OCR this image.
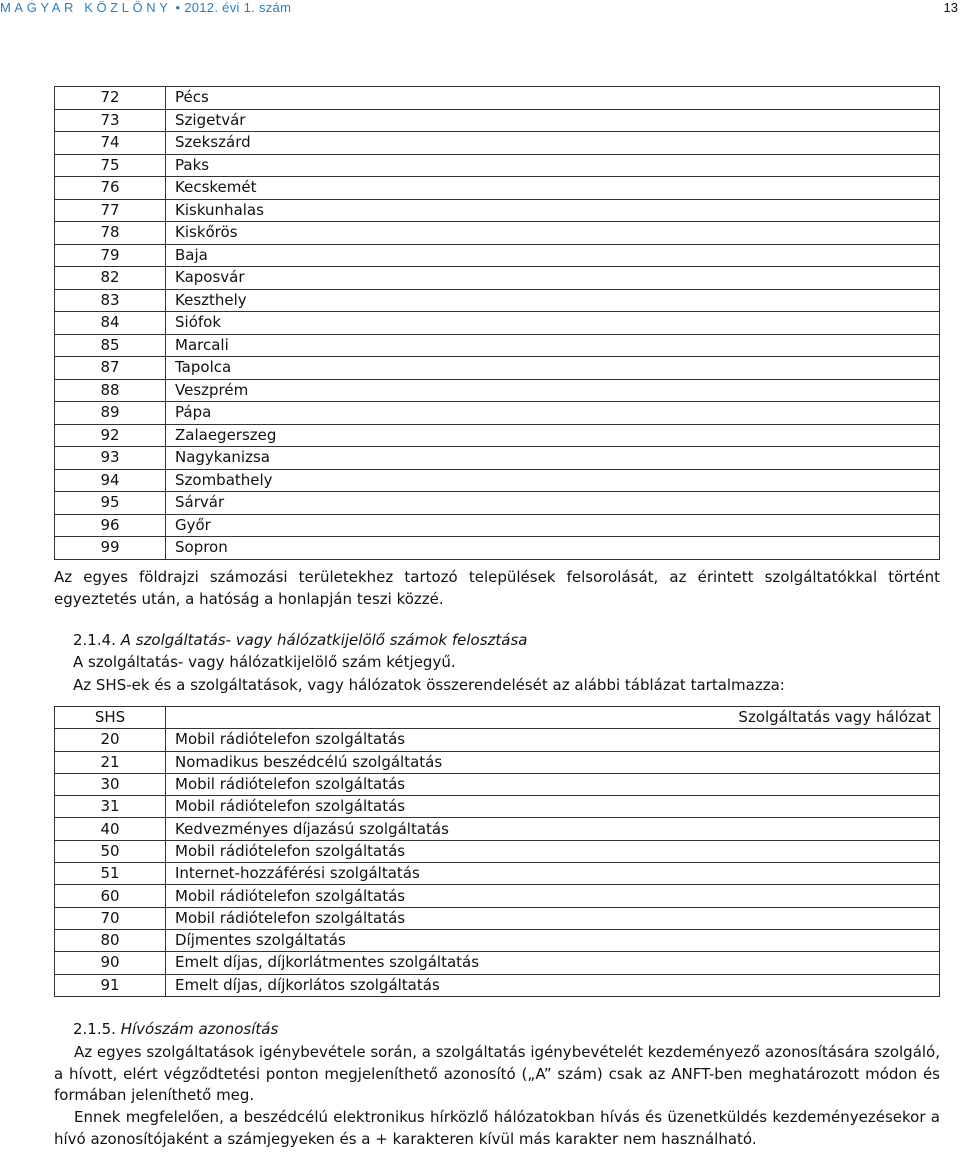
MAGYAR KÖZLÖNY • 2012. évi 1. szám	13
72	Pécs
73	Szigetvár
74	Szekszárd
75	Paks
76	Kecskemét
77	Kiskunhalas
78	Kiskőrös
79	Baja
82	Kaposvár
83	Keszthely
84	Siófok
85	Marcali
87	Tapolca
88	Veszprém
89	Pápa
92	Zalaegerszeg
93	Nagykanizsa
94	Szombathely
95	Sárvár
96	Győr
99	Sopron

Az egyes földrajzi számozási területekhez tartozó települések felsorolását, az érintett szolgáltatókkal történt egyeztetés után, a hatóság a honlapján teszi közzé.

2.1.4. A szolgáltatás- vagy hálózatkijelölő számok felosztása

A szolgáltatás- vagy hálózatkijelölő szám kétjegyű.

Az SHS-ek és a szolgáltatások, vagy hálózatok összerendelését az alábbi táblázat tartalmazza:

SHS	Szolgáltatás vagy hálózat
20	Mobil rádiótelefon szolgáltatás
21	Nomadikus beszédcélú szolgáltatás
30	Mobil rádiótelefon szolgáltatás
31	Mobil rádiótelefon szolgáltatás
40	Kedvezményes díjazású szolgáltatás
50	Mobil rádiótelefon szolgáltatás
51	Internet-hozzáférési szolgáltatás
60	Mobil rádiótelefon szolgáltatás
70	Mobil rádiótelefon szolgáltatás
80	Díjmentes szolgáltatás
90	Emelt díjas, díjkorlátmentes szolgáltatás
91	Emelt díjas, díjkorlátos szolgáltatás

2.1.5. Hívószám azonosítás

Az egyes szolgáltatások igénybevétele során, a szolgáltatás igénybevételét kezdeményező azonosítására szolgáló, a hívott, elért végződtetési ponton megjeleníthető azonosító („A” szám) csak az ANFT-ben meghatározott módon és formában jeleníthető meg.

Ennek megfelelően, a beszédcélú elektronikus hírközlő hálózatokban hívás és üzenetküldés kezdeményezésekor a hívó azonosítójaként a számjegyeken és a + karakteren kívül más karakter nem használható.
